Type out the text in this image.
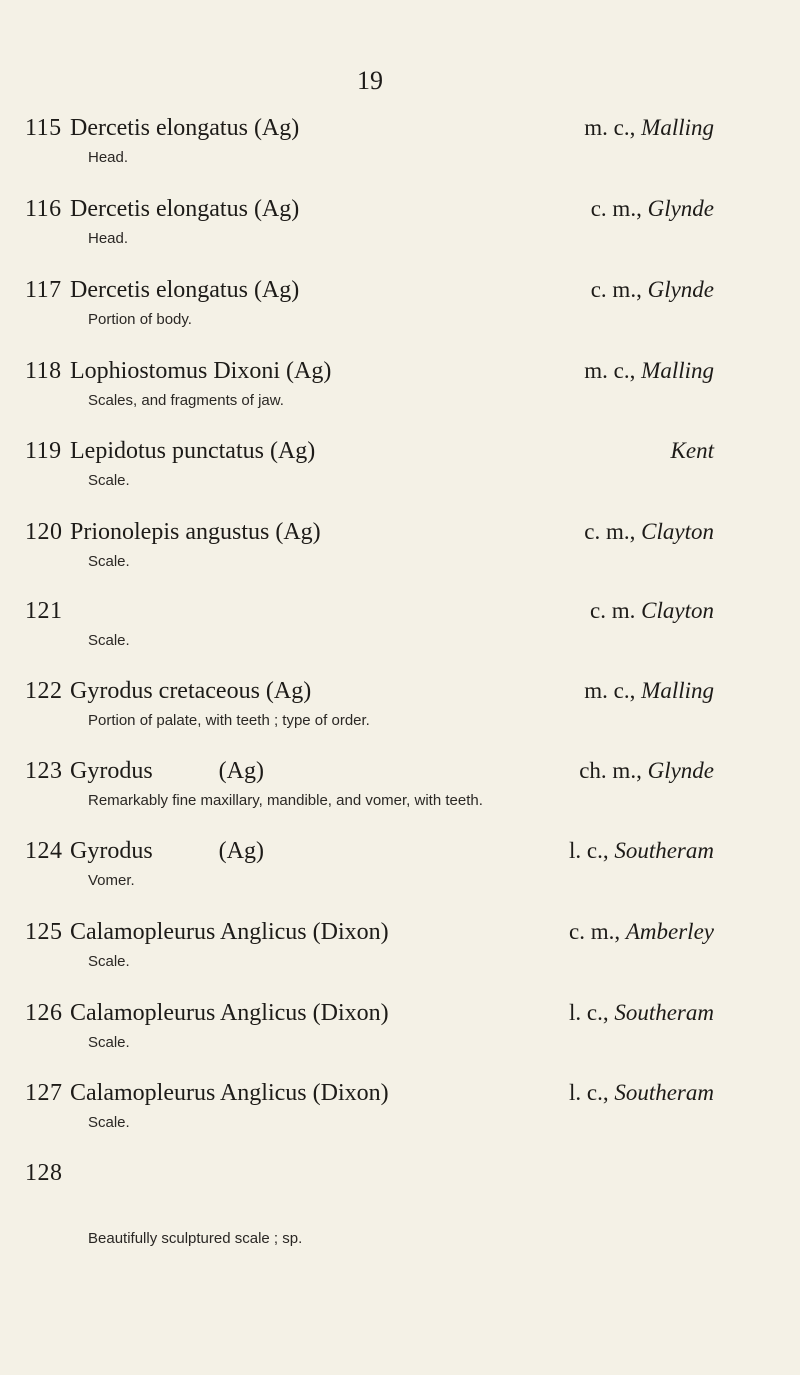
19
115 Dercetis elongatus (Ag)	m. c., Malling
Head.
116 Dercetis elongatus (Ag)	c. m., Glynde
Head.
117 Dercetis elongatus (Ag)	c. m., Glynde
Portion of body.
118 Lophiostomus Dixoni (Ag)	m. c., Malling
Scales, and fragments of jaw.
119 Lepidotus punctatus (Ag)	Kent
Scale.
120 Prionolepis angustus (Ag)	c. m., Clayton
Scale.
121	c. m. Clayton
Scale.
122 Gyrodus cretaceous (Ag)	m. c., Malling
Portion of palate, with teeth ; type of order.
123 Gyrodus           (Ag)	ch. m., Glynde
Remarkably fine maxillary, mandible, and vomer, with teeth.
124 Gyrodus           (Ag)	l. c., Southeram
Vomer.
125 Calamopleurus Anglicus (Dixon)	c. m., Amberley
Scale.
126 Calamopleurus Anglicus (Dixon)	l. c., Southeram
Scale.
127 Calamopleurus Anglicus (Dixon)	l. c., Southeram
Scale.
128
Beautifully sculptured scale ; sp.
